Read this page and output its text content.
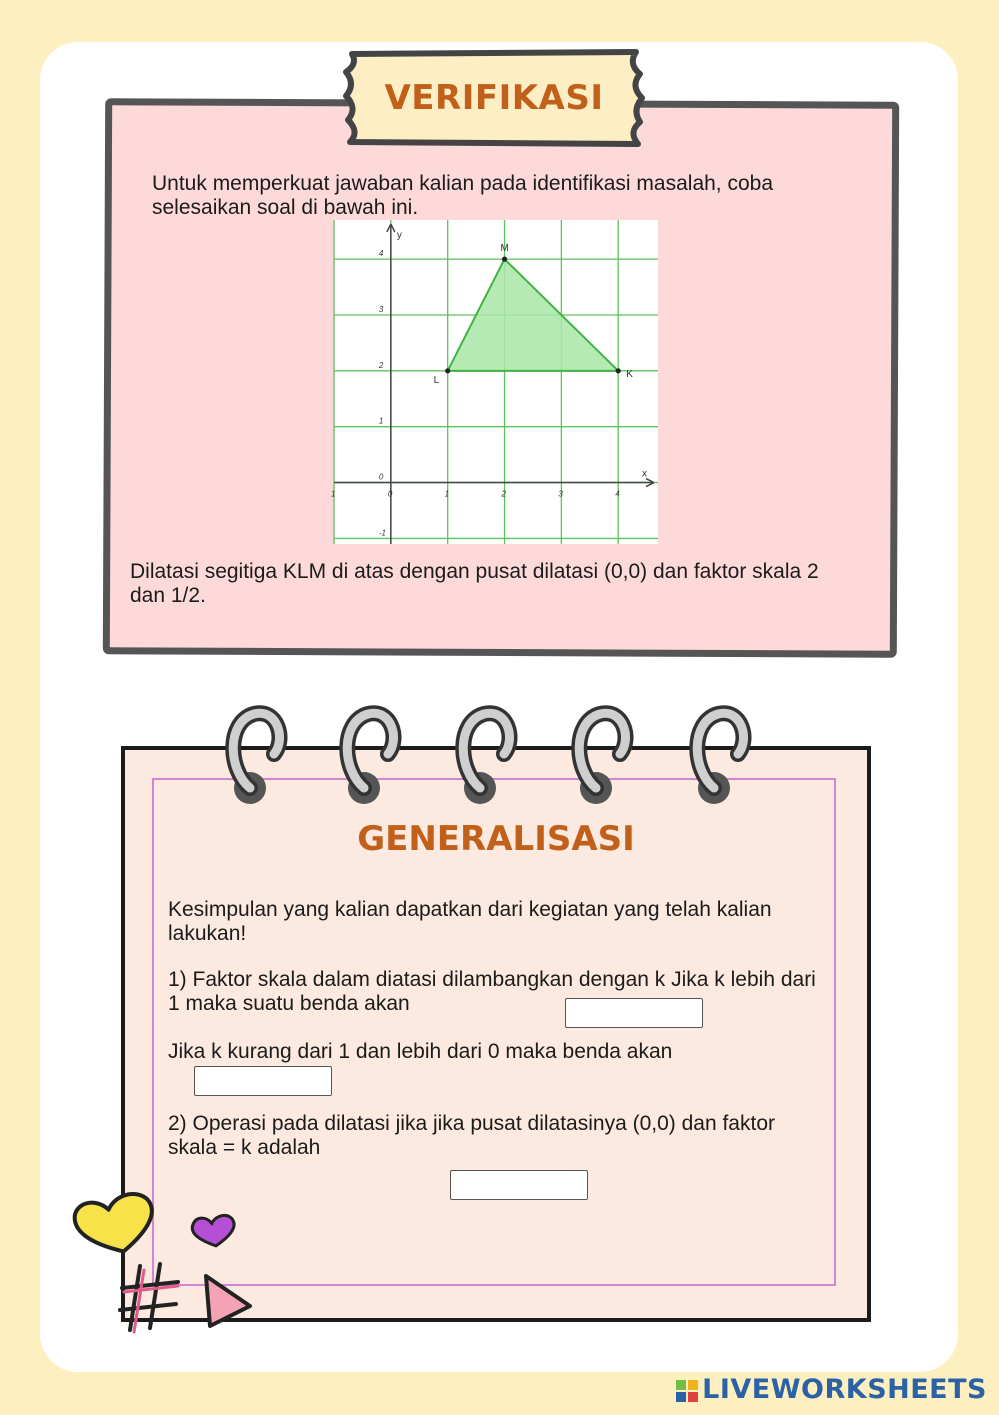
VERIFIKASI
Untuk memperkuat jawaban kalian pada identifikasi masalah, coba selesaikan soal di bawah ini.
x
y
1	0	1	2	3	4
0
1
2
3
4
-1
M
L
K
Dilatasi segitiga KLM di atas dengan pusat dilatasi (0,0) dan faktor skala 2 dan 1/2.
GENERALISASI
Kesimpulan yang kalian dapatkan dari kegiatan yang telah kalian lakukan!
1) Faktor skala dalam diatasi dilambangkan dengan k Jika k lebih dari 1 maka suatu benda akan
Jika k kurang dari 1 dan lebih dari 0 maka benda akan
2) Operasi pada dilatasi jika jika pusat dilatasinya (0,0) dan faktor skala = k adalah
LIVEWORKSHEETS
